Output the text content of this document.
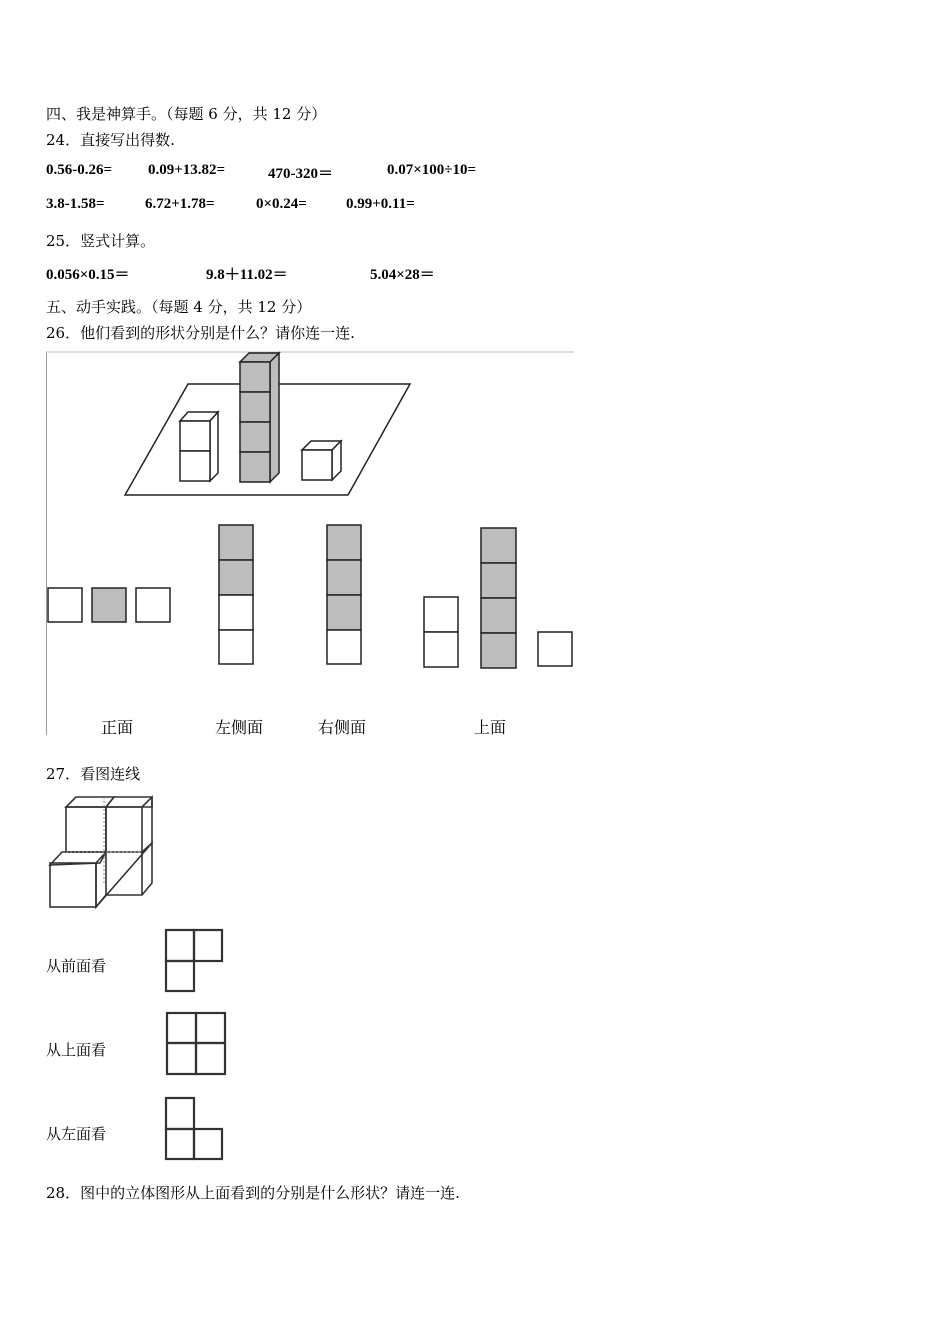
四、我是神算手。（每题 6 分，共 12 分）
24．直接写出得数.
0.56-0.26= 0.09+13.82=	470-320＝	0.07×100÷10=
3.8-1.58=	6.72+1.78=	0×0.24=	0.99+0.11=
25．竖式计算。
0.056×0.15＝	9.8＋11.02＝	5.04×28＝
五、动手实践。（每题 4 分，共 12 分）
26．他们看到的形状分别是什么？请你连一连.
正面	左侧面	右侧面	上面
27．看图连线
从前面看
从上面看
从左面看
28．图中的立体图形从上面看到的分别是什么形状？请连一连.
